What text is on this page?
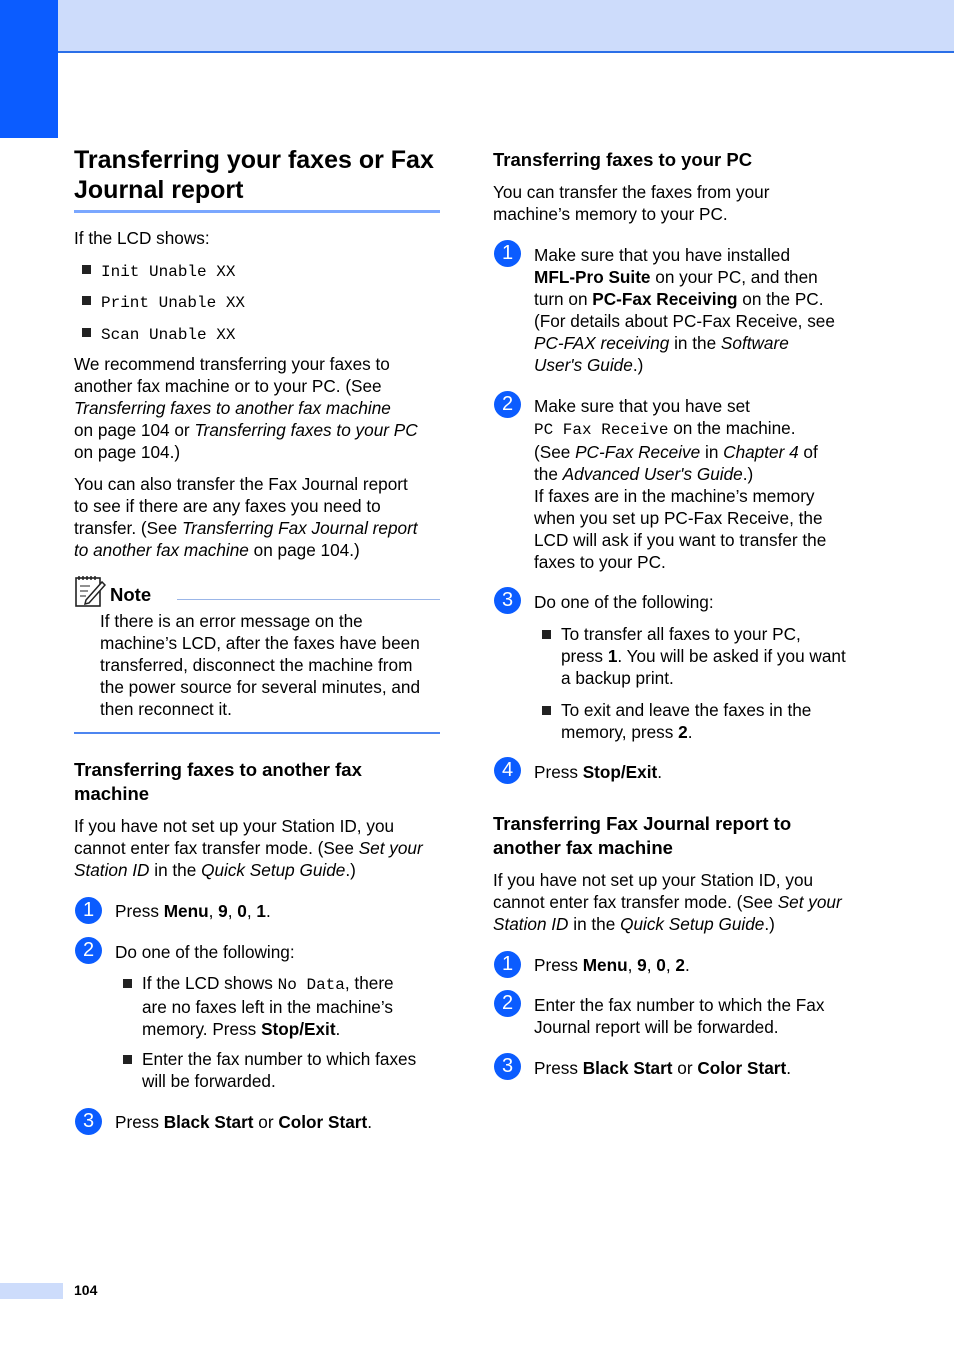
Transferring your faxes or Fax
Journal report

If the LCD shows:

Init Unable XX
Print Unable XX
Scan Unable XX
We recommend transferring your faxes to
another fax machine or to your PC. (See
Transferring faxes to another fax machine
on page 104 or Transferring faxes to your PC
on page 104.)
You can also transfer the Fax Journal report
to see if there are any faxes you need to
transfer. (See Transferring Fax Journal report
to another fax machine on page 104.)
Note
If there is an error message on the
machine’s LCD, after the faxes have been
transferred, disconnect the machine from
the power source for several minutes, and
then reconnect it.
Transferring faxes to another fax
machine
If you have not set up your Station ID, you
cannot enter fax transfer mode. (See Set your
Station ID in the Quick Setup Guide.)
1	Press Menu, 9, 0, 1.
2	Do one of the following:
If the LCD shows No Data, there
are no faxes left in the machine’s
memory. Press Stop/Exit.
Enter the fax number to which faxes
will be forwarded.
3	Press Black Start or Color Start.
Transferring faxes to your PC
You can transfer the faxes from your
machine’s memory to your PC.
1	Make sure that you have installed
MFL-Pro Suite on your PC, and then
turn on PC-Fax Receiving on the PC.
(For details about PC-Fax Receive, see
PC-FAX receiving in the Software
User's Guide.)
2	Make sure that you have set
PC Fax Receive on the machine.
(See PC-Fax Receive in Chapter 4 of
the Advanced User's Guide.)
If faxes are in the machine’s memory
when you set up PC-Fax Receive, the
LCD will ask if you want to transfer the
faxes to your PC.
3	Do one of the following:
To transfer all faxes to your PC,
press 1. You will be asked if you want
a backup print.
To exit and leave the faxes in the
memory, press 2.
4	Press Stop/Exit.
Transferring Fax Journal report to
another fax machine
If you have not set up your Station ID, you
cannot enter fax transfer mode. (See Set your
Station ID in the Quick Setup Guide.)
1	Press Menu, 9, 0, 2.
2	Enter the fax number to which the Fax
Journal report will be forwarded.
3	Press Black Start or Color Start.
104
